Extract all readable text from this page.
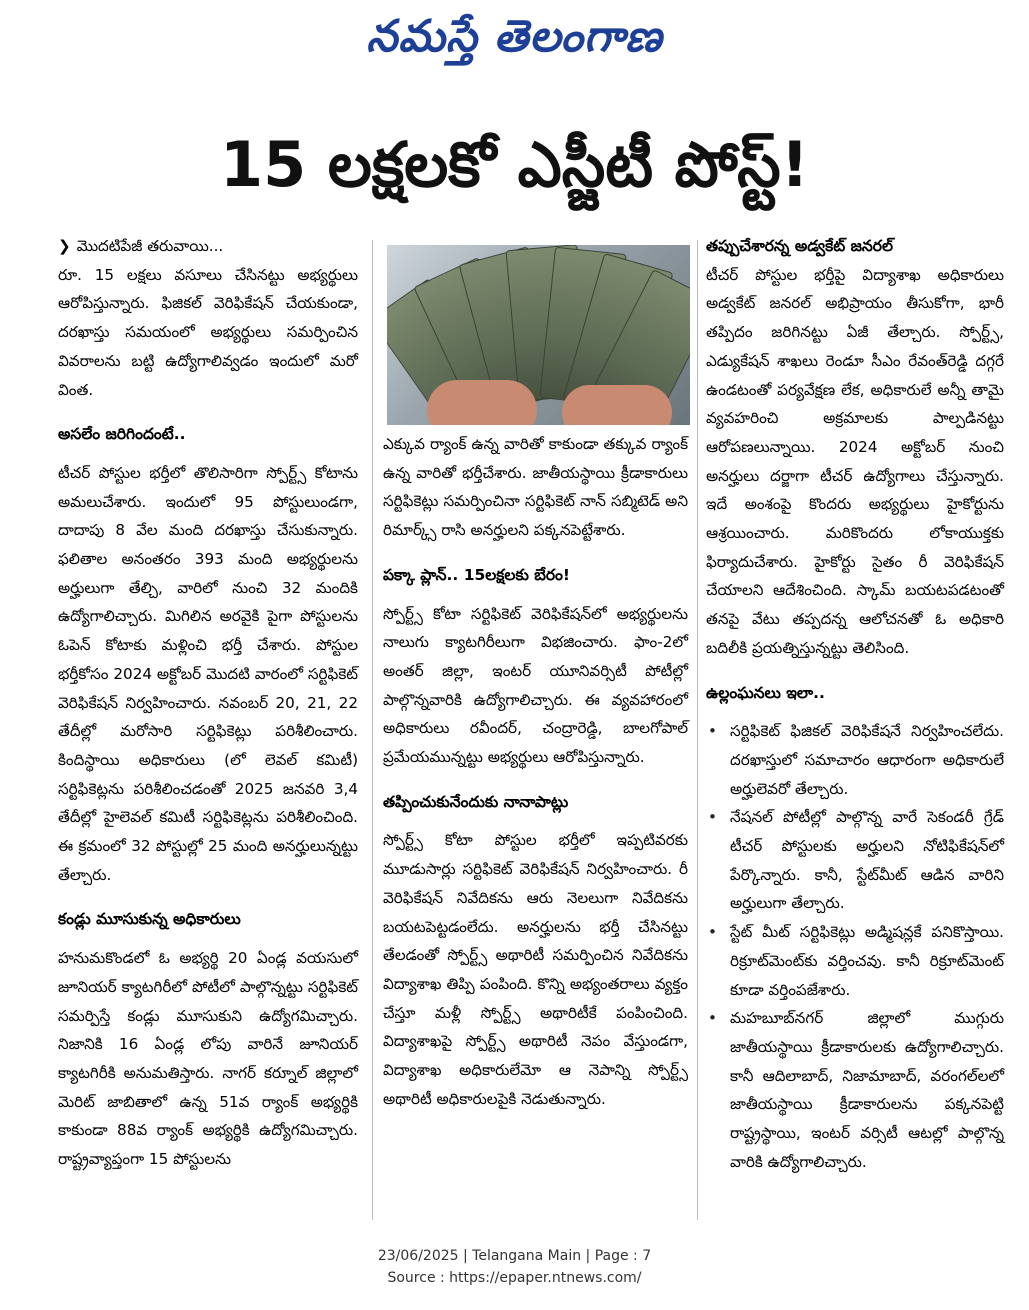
నమస్తే తెలంగాణ
15 లక్షలకో ఎస్జీటీ పోస్ట్!

❯ మొదటిపేజీ తరువాయి...

రూ. 15 లక్షలు వసూలు చేసినట్టు అభ్యర్థులు ఆరోపిస్తున్నారు. ఫిజికల్ వెరిఫికేషన్ చేయకుండా, దరఖాస్తు సమయంలో అభ్యర్థులు సమర్పించిన వివరాలను బట్టి ఉద్యోగాలివ్వడం ఇందులో మరో వింత.

అసలేం జరిగిందంటే..

టీచర్ పోస్టుల భర్తీలో తొలిసారిగా స్పోర్ట్స్ కోటాను అమలుచేశారు. ఇందులో 95 పోస్టులుండగా, దాదాపు 8 వేల మంది దరఖాస్తు చేసుకున్నారు. ఫలితాల అనంతరం 393 మంది అభ్యర్థులను అర్హులుగా తేల్చి, వారిలో నుంచి 32 మందికి ఉద్యోగాలిచ్చారు. మిగిలిన అరవైకి పైగా పోస్టులను ఓపెన్ కోటాకు మళ్లించి భర్తీ చేశారు. పోస్టుల భర్తీకోసం 2024 అక్టోబర్ మొదటి వారంలో సర్టిఫికెట్ వెరిఫికేషన్ నిర్వహించారు. నవంబర్ 20, 21, 22 తేదీల్లో మరోసారి సర్టిఫికెట్లు పరిశీలించారు. కిందిస్థాయి అధికారులు (లో లెవల్ కమిటీ) సర్టిఫికెట్లను పరిశీలించడంతో 2025 జనవరి 3,4 తేదీల్లో హైలెవల్ కమిటీ సర్టిఫికెట్లను పరిశీలించింది. ఈ క్రమంలో 32 పోస్టుల్లో 25 మంది అనర్హులున్నట్టు తేల్చారు.

కండ్లు మూసుకున్న అధికారులు

హనుమకొండలో ఓ అభ్యర్థి 20 ఏండ్ల వయసులో జూనియర్ క్యాటగిరీలో పోటీలో పాల్గొన్నట్టు సర్టిఫికెట్ సమర్పిస్తే కండ్లు మూసుకుని ఉద్యోగమిచ్చారు. నిజానికి 16 ఏండ్ల లోపు వారినే జూనియర్ క్యాటగిరీకి అనుమతిస్తారు. నాగర్ కర్నూల్ జిల్లాలో మెరిట్ జాబితాలో ఉన్న 51వ ర్యాంక్ అభ్యర్థికి కాకుండా 88వ ర్యాంక్ అభ్యర్థికి ఉద్యోగమిచ్చారు. రాష్ట్రవ్యాప్తంగా 15 పోస్టులను

ఎక్కువ ర్యాంక్ ఉన్న వారితో కాకుండా తక్కువ ర్యాంక్ ఉన్న వారితో భర్తీచేశారు. జాతీయస్థాయి క్రీడాకారులు సర్టిఫికెట్లు సమర్పించినా సర్టిఫికెట్ నాన్ సబ్మిటెడ్ అని రిమార్క్స్ రాసి అనర్హులని పక్కనపెట్టేశారు.

పక్కా ప్లాన్.. 15లక్షలకు బేరం!

స్పోర్ట్స్ కోటా సర్టిఫికెట్ వెరిఫికేషన్‌లో అభ్యర్థులను నాలుగు క్యాటగిరీలుగా విభజించారు. ఫాం-2లో అంతర్ జిల్లా, ఇంటర్ యూనివర్సిటీ పోటీల్లో పాల్గొన్నవారికి ఉద్యోగాలిచ్చారు. ఈ వ్యవహారంలో అధికారులు రవీందర్, చంద్రారెడ్డి, బాలగోపాల్ ప్రమేయమున్నట్టు అభ్యర్థులు ఆరోపిస్తున్నారు.

తప్పించుకునేందుకు నానాపాట్లు

స్పోర్ట్స్ కోటా పోస్టుల భర్తీలో ఇప్పటివరకు మూడుసార్లు సర్టిఫికెట్ వెరిఫికేషన్ నిర్వహించారు. రీ వెరిఫికేషన్ నివేదికను ఆరు నెలలుగా నివేదికను బయటపెట్టడంలేదు. అనర్హులను భర్తీ చేసినట్టు తేలడంతో స్పోర్ట్స్ అథారిటీ సమర్పించిన నివేదికను విద్యాశాఖ తిప్పి పంపింది. కొన్ని అభ్యంతరాలు వ్యక్తం చేస్తూ మళ్లీ స్పోర్ట్స్ అథారిటీకే పంపించింది. విద్యాశాఖపై స్పోర్ట్స్ అథారిటీ నెపం వేస్తుండగా, విద్యాశాఖ అధికారులేమో ఆ నెపాన్ని స్పోర్ట్స్ అథారిటీ అధికారులపైకి నెడుతున్నారు.

తప్పుచేశారన్న అడ్వకేట్ జనరల్

టీచర్ పోస్టుల భర్తీపై విద్యాశాఖ అధికారులు అడ్వకేట్ జనరల్ అభిప్రాయం తీసుకోగా, భారీ తప్పిదం జరిగినట్టు ఏజీ తేల్చారు. స్పోర్ట్స్, ఎడ్యుకేషన్ శాఖలు రెండూ సీఎం రేవంత్‌రెడ్డి దగ్గరే ఉండటంతో పర్యవేక్షణ లేక, అధికారులే అన్నీ తామై వ్యవహరించి అక్రమాలకు పాల్పడినట్టు ఆరోపణలున్నాయి. 2024 అక్టోబర్ నుంచి అనర్హులు దర్జాగా టీచర్ ఉద్యోగాలు చేస్తున్నారు. ఇదే అంశంపై కొందరు అభ్యర్థులు హైకోర్టును ఆశ్రయించారు. మరికొందరు లోకాయుక్తకు ఫిర్యాదుచేశారు. హైకోర్టు సైతం రీ వెరిఫికేషన్ చేయాలని ఆదేశించింది. స్కామ్ బయటపడటంతో తనపై వేటు తప్పదన్న ఆలోచనతో ఓ అధికారి బదిలీకి ప్రయత్నిస్తున్నట్టు తెలిసింది.

ఉల్లంఘనలు ఇలా..

• సర్టిఫికెట్ ఫిజికల్ వెరిఫికేషనే నిర్వహించలేదు. దరఖాస్తులో సమాచారం ఆధారంగా అధికారులే అర్హులెవరో తేల్చారు.
• నేషనల్ పోటీల్లో పాల్గొన్న వారే సెకండరీ గ్రేడ్ టీచర్ పోస్టులకు అర్హులని నోటిఫికేషన్‌లో పేర్కొన్నారు. కానీ, స్టేట్‌మీట్ ఆడిన వారిని అర్హులుగా తేల్చారు.
• స్టేట్ మీట్ సర్టిఫికెట్లు అడ్మిషన్లకే పనికొస్తాయి. రిక్రూట్‌మెంట్‌కు వర్తించవు. కానీ రిక్రూట్‌మెంట్ కూడా వర్తింపజేశారు.
• మహబూబ్‌నగర్ జిల్లాలో ముగ్గురు జాతీయస్థాయి క్రీడాకారులకు ఉద్యోగాలిచ్చారు. కానీ ఆదిలాబాద్, నిజామాబాద్, వరంగల్‌లలో జాతీయస్థాయి క్రీడాకారులను పక్కనపెట్టి రాష్ట్రస్థాయి, ఇంటర్ వర్సిటీ ఆటల్లో పాల్గొన్న వారికి ఉద్యోగాలిచ్చారు.
23/06/2025 | Telangana Main | Page : 7
Source : https://epaper.ntnews.com/
